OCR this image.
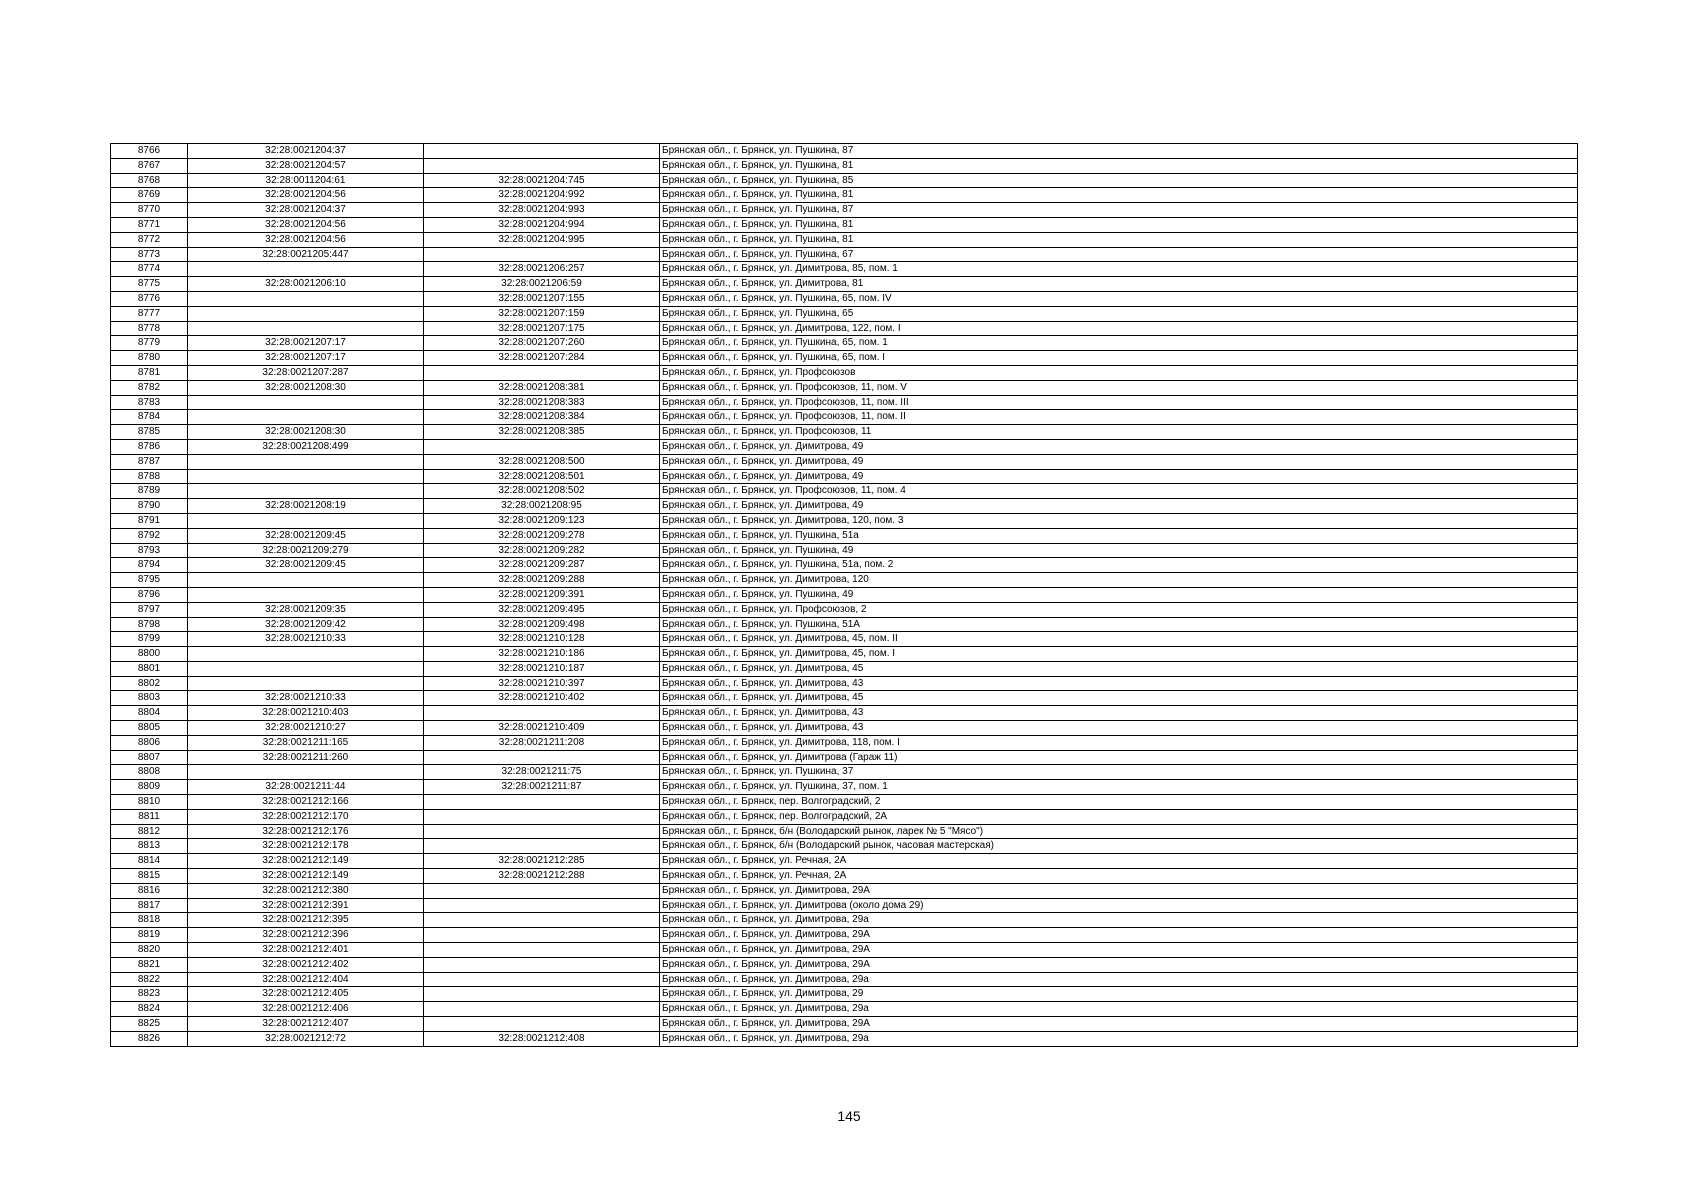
8766	32:28:0021204:37		Брянская обл., г. Брянск, ул. Пушкина, 87
8767	32:28:0021204:57		Брянская обл., г. Брянск, ул. Пушкина, 81
8768	32:28:0011204:61	32:28:0021204:745	Брянская обл., г. Брянск, ул. Пушкина, 85
8769	32:28:0021204:56	32:28:0021204:992	Брянская обл., г. Брянск, ул. Пушкина, 81
8770	32:28:0021204:37	32:28:0021204:993	Брянская обл., г. Брянск, ул. Пушкина, 87
8771	32:28:0021204:56	32:28:0021204:994	Брянская обл., г. Брянск, ул. Пушкина, 81
8772	32:28:0021204:56	32:28:0021204:995	Брянская обл., г. Брянск, ул. Пушкина, 81
8773	32:28:0021205:447		Брянская обл., г. Брянск, ул. Пушкина, 67
8774		32:28:0021206:257	Брянская обл., г. Брянск, ул. Димитрова, 85, пом. 1
8775	32:28:0021206:10	32:28:0021206:59	Брянская обл., г. Брянск, ул. Димитрова, 81
8776		32:28:0021207:155	Брянская обл., г. Брянск, ул. Пушкина, 65, пом. IV
8777		32:28:0021207:159	Брянская обл., г. Брянск, ул. Пушкина, 65
8778		32:28:0021207:175	Брянская обл., г. Брянск, ул. Димитрова, 122, пом. I
8779	32:28:0021207:17	32:28:0021207:260	Брянская обл., г. Брянск, ул. Пушкина, 65, пом. 1
8780	32:28:0021207:17	32:28:0021207:284	Брянская обл., г. Брянск, ул. Пушкина, 65, пом. I
8781	32:28:0021207:287		Брянская обл., г. Брянск, ул. Профсоюзов
8782	32:28:0021208:30	32:28:0021208:381	Брянская обл., г. Брянск, ул. Профсоюзов, 11, пом. V
8783		32:28:0021208:383	Брянская обл., г. Брянск, ул. Профсоюзов, 11, пом. III
8784		32:28:0021208:384	Брянская обл., г. Брянск, ул. Профсоюзов, 11, пом. II
8785	32:28:0021208:30	32:28:0021208:385	Брянская обл., г. Брянск, ул. Профсоюзов, 11
8786	32:28:0021208:499		Брянская обл., г. Брянск, ул. Димитрова, 49
8787		32:28:0021208:500	Брянская обл., г. Брянск, ул. Димитрова, 49
8788		32:28:0021208:501	Брянская обл., г. Брянск, ул. Димитрова, 49
8789		32:28:0021208:502	Брянская обл., г. Брянск, ул. Профсоюзов, 11, пом. 4
8790	32:28:0021208:19	32:28:0021208:95	Брянская обл., г. Брянск, ул. Димитрова, 49
8791		32:28:0021209:123	Брянская обл., г. Брянск, ул. Димитрова, 120, пом. 3
8792	32:28:0021209:45	32:28:0021209:278	Брянская обл., г. Брянск, ул. Пушкина, 51а
8793	32:28:0021209:279	32:28:0021209:282	Брянская обл., г. Брянск, ул. Пушкина, 49
8794	32:28:0021209:45	32:28:0021209:287	Брянская обл., г. Брянск, ул. Пушкина, 51а, пом. 2
8795		32:28:0021209:288	Брянская обл., г. Брянск, ул. Димитрова, 120
8796		32:28:0021209:391	Брянская обл., г. Брянск, ул. Пушкина, 49
8797	32:28:0021209:35	32:28:0021209:495	Брянская обл., г. Брянск, ул. Профсоюзов, 2
8798	32:28:0021209:42	32:28:0021209:498	Брянская обл., г. Брянск, ул. Пушкина, 51А
8799	32:28:0021210:33	32:28:0021210:128	Брянская обл., г. Брянск, ул. Димитрова, 45, пом. II
8800		32:28:0021210:186	Брянская обл., г. Брянск, ул. Димитрова, 45, пом. I
8801		32:28:0021210:187	Брянская обл., г. Брянск, ул. Димитрова, 45
8802		32:28:0021210:397	Брянская обл., г. Брянск, ул. Димитрова, 43
8803	32:28:0021210:33	32:28:0021210:402	Брянская обл., г. Брянск, ул. Димитрова, 45
8804	32:28:0021210:403		Брянская обл., г. Брянск, ул. Димитрова, 43
8805	32:28:0021210:27	32:28:0021210:409	Брянская обл., г. Брянск, ул. Димитрова, 43
8806	32:28:0021211:165	32:28:0021211:208	Брянская обл., г. Брянск, ул. Димитрова, 118, пом. I
8807	32:28:0021211:260		Брянская обл., г. Брянск, ул. Димитрова (Гараж 11)
8808		32:28:0021211:75	Брянская обл., г. Брянск, ул. Пушкина, 37
8809	32:28:0021211:44	32:28:0021211:87	Брянская обл., г. Брянск, ул. Пушкина, 37, пом. 1
8810	32:28:0021212:166		Брянская обл., г. Брянск, пер. Волгоградский, 2
8811	32:28:0021212:170		Брянская обл., г. Брянск, пер. Волгоградский, 2А
8812	32:28:0021212:176		Брянская обл., г. Брянск, б/н (Володарский рынок, ларек № 5 "Мясо")
8813	32:28:0021212:178		Брянская обл., г. Брянск, б/н (Володарский рынок, часовая мастерская)
8814	32:28:0021212:149	32:28:0021212:285	Брянская обл., г. Брянск, ул. Речная, 2А
8815	32:28:0021212:149	32:28:0021212:288	Брянская обл., г. Брянск, ул. Речная, 2А
8816	32:28:0021212:380		Брянская обл., г. Брянск, ул. Димитрова, 29А
8817	32:28:0021212:391		Брянская обл., г. Брянск, ул. Димитрова (около дома 29)
8818	32:28:0021212:395		Брянская обл., г. Брянск, ул. Димитрова, 29а
8819	32:28:0021212:396		Брянская обл., г. Брянск, ул. Димитрова, 29А
8820	32:28:0021212:401		Брянская обл., г. Брянск, ул. Димитрова, 29А
8821	32:28:0021212:402		Брянская обл., г. Брянск, ул. Димитрова, 29А
8822	32:28:0021212:404		Брянская обл., г. Брянск, ул. Димитрова, 29а
8823	32:28:0021212:405		Брянская обл., г. Брянск, ул. Димитрова, 29
8824	32:28:0021212:406		Брянская обл., г. Брянск, ул. Димитрова, 29а
8825	32:28:0021212:407		Брянская обл., г. Брянск, ул. Димитрова, 29А
8826	32:28:0021212:72	32:28:0021212:408	Брянская обл., г. Брянск, ул. Димитрова, 29а
145
